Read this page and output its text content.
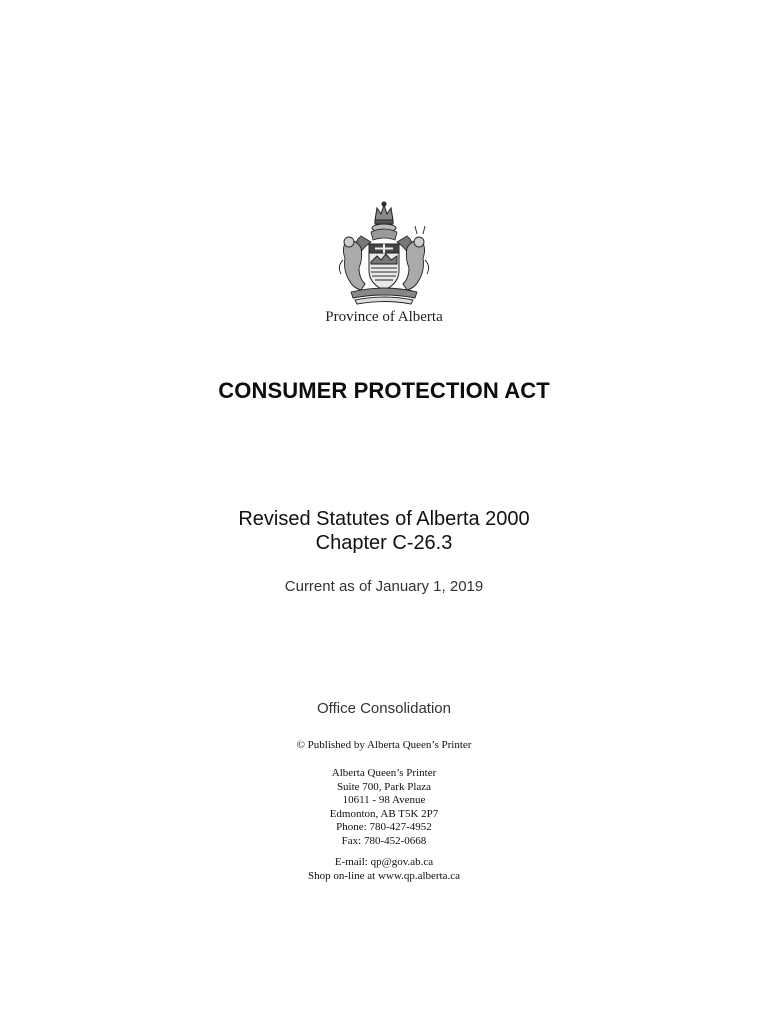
Province of Alberta
CONSUMER PROTECTION ACT
Revised Statutes of Alberta 2000
Chapter C-26.3
Current as of January 1, 2019
Office Consolidation
© Published by Alberta Queen’s Printer
Alberta Queen’s Printer
Suite 700, Park Plaza
10611 - 98 Avenue
Edmonton, AB T5K 2P7
Phone: 780-427-4952
Fax: 780-452-0668
E-mail: qp@gov.ab.ca
Shop on-line at www.qp.alberta.ca
